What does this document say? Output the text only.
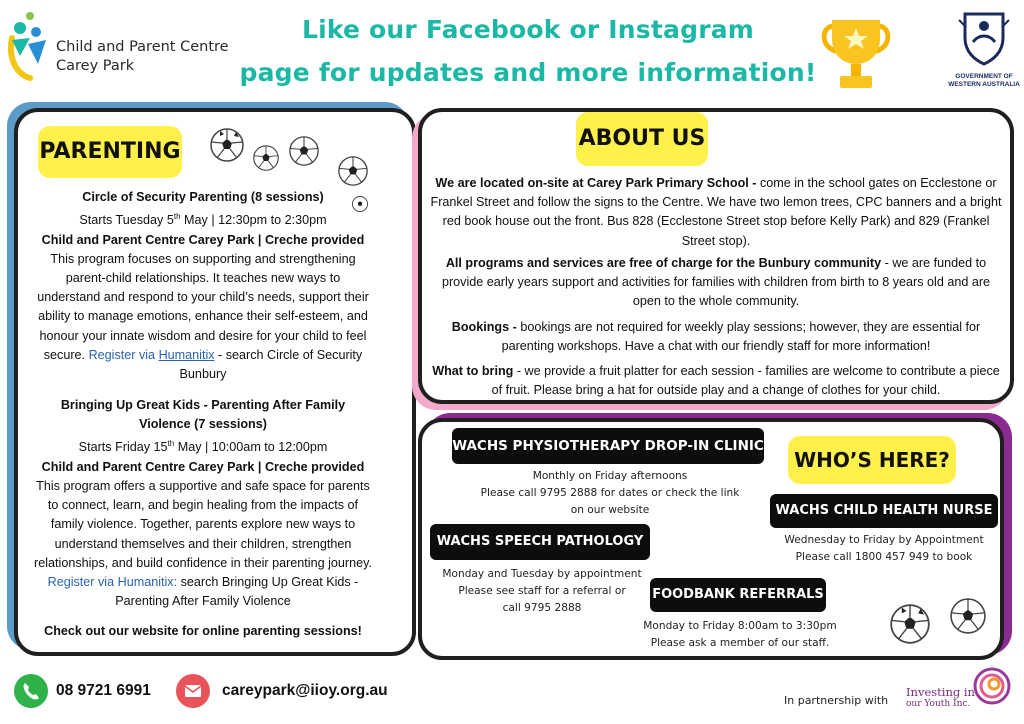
Child and Parent Centre
Carey Park
Like our Facebook or Instagram
page for updates and more information!	GOVERNMENT OF
WESTERN AUSTRALIA
PARENTING
Circle of Security Parenting (8 sessions)
Starts Tuesday 5th May | 12:30pm to 2:30pm
Child and Parent Centre Carey Park | Creche provided
This program focuses on supporting and strengthening parent-child relationships. It teaches new ways to understand and respond to your child’s needs, support their ability to manage emotions, enhance their self-esteem, and honour your innate wisdom and desire for your child to feel secure. Register via Humanitix - search Circle of Security Bunbury
Bringing Up Great Kids - Parenting After Family Violence (7 sessions)
Starts Friday 15th May | 10:00am to 12:00pm
Child and Parent Centre Carey Park | Creche provided
This program offers a supportive and safe space for parents to connect, learn, and begin healing from the impacts of family violence. Together, parents explore new ways to understand themselves and their children, strengthen relationships, and build confidence in their parenting journey. Register via Humanitix: search Bringing Up Great Kids - Parenting After Family Violence
Check out our website for online parenting sessions!
ABOUT US
We are located on-site at Carey Park Primary School - come in the school gates on Ecclestone or Frankel Street and follow the signs to the Centre. We have two lemon trees, CPC banners and a bright red book house out the front. Bus 828 (Ecclestone Street stop before Kelly Park) and 829 (Frankel Street stop).
All programs and services are free of charge for the Bunbury community - we are funded to provide early years support and activities for families with children from birth to 8 years old and are open to the whole community.
Bookings - bookings are not required for weekly play sessions; however, they are essential for parenting workshops. Have a chat with our friendly staff for more information!
What to bring - we provide a fruit platter for each session - families are welcome to contribute a piece of fruit. Please bring a hat for outside play and a change of clothes for your child.
WACHS PHYSIOTHERAPY DROP-IN CLINIC
WHO’S HERE?
Monthly on Friday afternoons
Please call 9795 2888 for dates or check the link
on our website	WACHS CHILD HEALTH NURSE
Wednesday to Friday by Appointment
Please call 1800 457 949 to book
WACHS SPEECH PATHOLOGY
Monday and Tuesday by appointment
Please see staff for a referral or
call 9795 2888
FOODBANK REFERRALS
Monday to Friday 8:00am to 3:30pm
Please ask a member of our staff.
08 9721 6991	careypark@iioy.org.au
In partnership with
Investing in
our Youth Inc.
